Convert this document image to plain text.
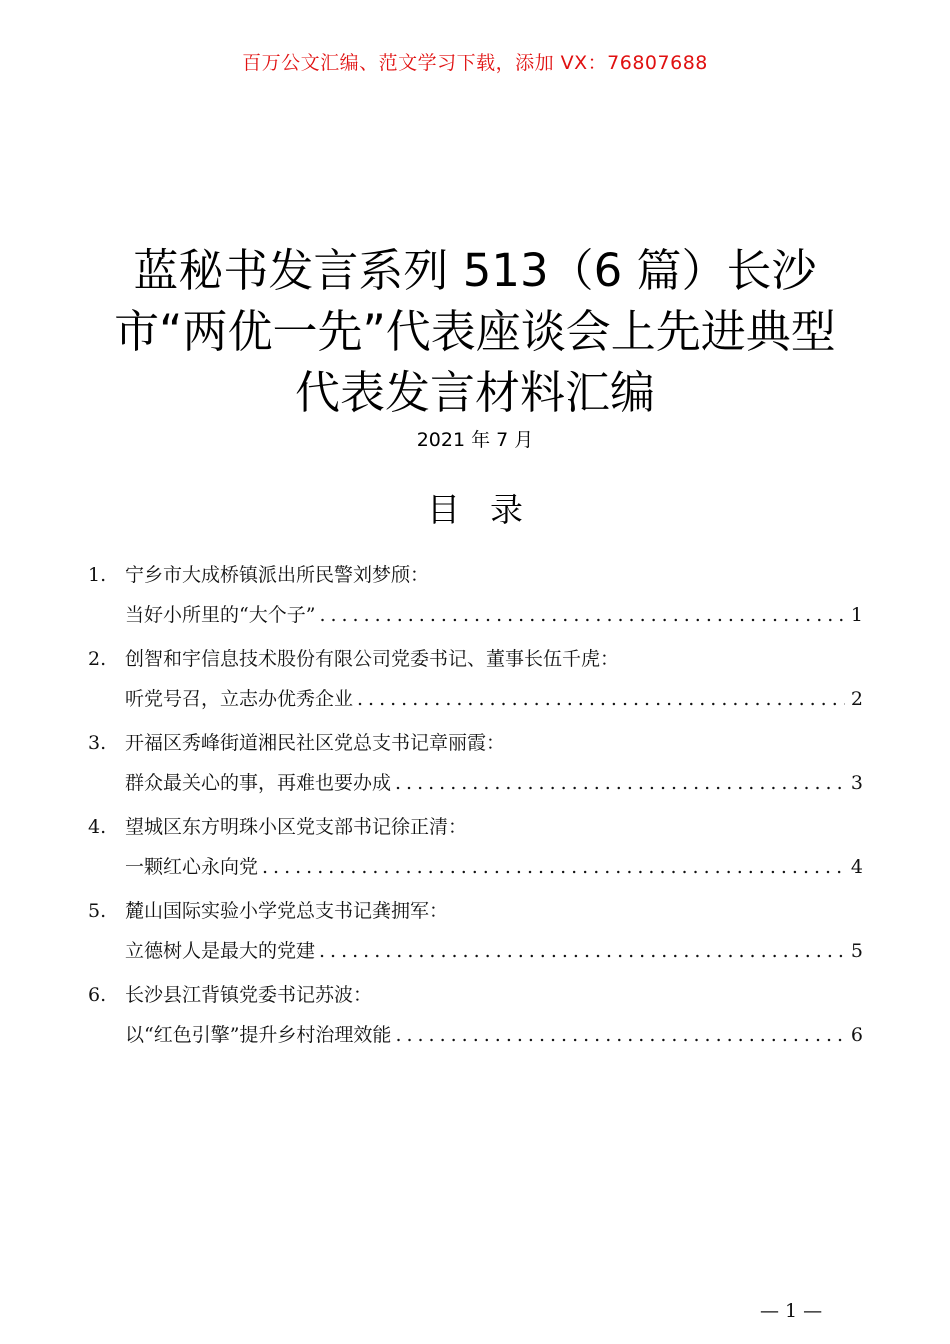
百万公文汇编、范文学习下载，添加 VX：76807688
蓝秘书发言系列 513（6 篇）长沙
市“两优一先”代表座谈会上先进典型
代表发言材料汇编
2021 年 7 月
目录
1. 宁乡市大成桥镇派出所民警刘梦颀：
当好小所里的“大个子” .....	1
2. 创智和宇信息技术股份有限公司党委书记、董事长伍千虎：
听党号召，立志办优秀企业 .....	2
3. 开福区秀峰街道湘民社区党总支书记章丽霞：
群众最关心的事，再难也要办成 .....	3
4. 望城区东方明珠小区党支部书记徐正清：
一颗红心永向党 .....	4
5. 麓山国际实验小学党总支书记龚拥军：
立德树人是最大的党建 .....	5
6. 长沙县江背镇党委书记苏波：
以“红色引擎”提升乡村治理效能 .....	6
— 1 —
